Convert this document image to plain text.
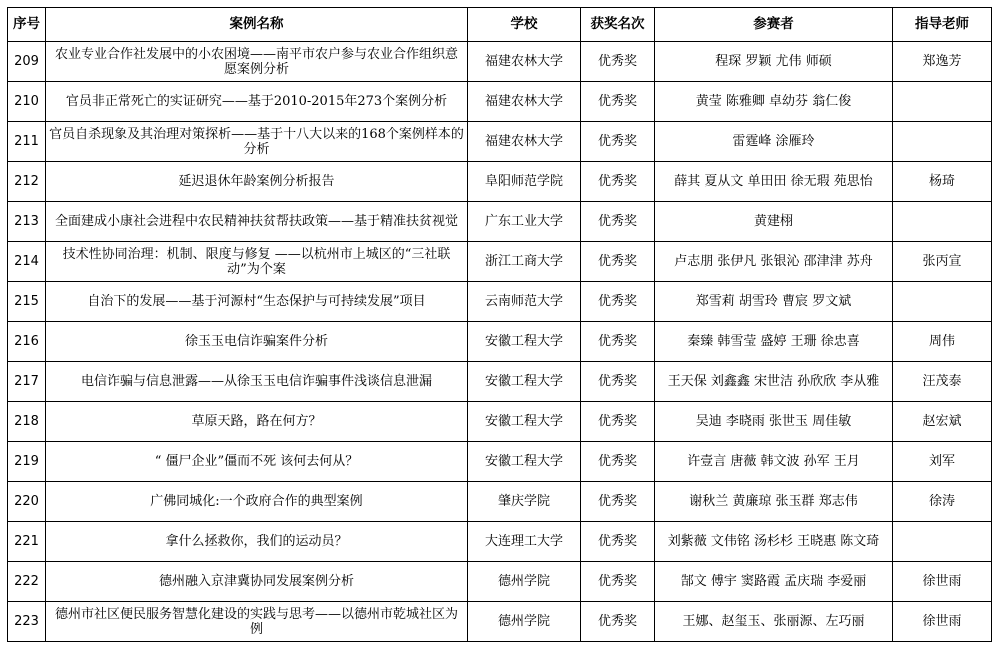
序号	案例名称	学校	获奖名次	参赛者	指导老师
209	农业专业合作社发展中的小农困境——南平市农户参与农业合作组织意愿案例分析	福建农林大学	优秀奖	程琛 罗颖 尤伟 师硕	郑逸芳
210	官员非正常死亡的实证研究——基于2010-2015年273个案例分析	福建农林大学	优秀奖	黄莹 陈雅卿 卓幼芬 翁仁俊	
211	官员自杀现象及其治理对策探析——基于十八大以来的168个案例样本的分析	福建农林大学	优秀奖	雷霆峰 涂雁玲	
212	延迟退休年龄案例分析报告	阜阳师范学院	优秀奖	薛其 夏从文 单田田 徐无瑕 苑思怡	杨琦
213	全面建成小康社会进程中农民精神扶贫帮扶政策——基于精准扶贫视觉	广东工业大学	优秀奖	黄建栩	
214	技术性协同治理：机制、限度与修复 ——以杭州市上城区的“三社联动”为个案	浙江工商大学	优秀奖	卢志朋 张伊凡 张银沁 邵津津 苏舟	张丙宣
215	自治下的发展——基于河源村“生态保护与可持续发展”项目	云南师范大学	优秀奖	郑雪莉 胡雪玲 曹宸 罗文斌	
216	徐玉玉电信诈骗案件分析	安徽工程大学	优秀奖	秦臻 韩雪莹 盛婷 王珊 徐忠喜	周伟
217	电信诈骗与信息泄露——从徐玉玉电信诈骗事件浅谈信息泄漏	安徽工程大学	优秀奖	王天保 刘鑫鑫 宋世洁 孙欣欣 李从雅	汪茂泰
218	草原天路，路在何方？	安徽工程大学	优秀奖	吴迪 李晓雨 张世玉 周佳敏	赵宏斌
219	“ 僵尸企业”僵而不死 该何去何从？	安徽工程大学	优秀奖	许壹言 唐薇 韩文波 孙军 王月	刘军
220	广佛同城化:一个政府合作的典型案例	肇庆学院	优秀奖	谢秋兰 黄廉琼 张玉群 郑志伟	徐涛
221	拿什么拯救你，我们的运动员？	大连理工大学	优秀奖	刘紫薇 文伟铭 汤杉杉 王晓惠 陈文琦	
222	德州融入京津冀协同发展案例分析	德州学院	优秀奖	郜文 傅宇 窦路霞 孟庆瑞 李爱丽	徐世雨
223	德州市社区便民服务智慧化建设的实践与思考——以德州市乾城社区为例	德州学院	优秀奖	王娜、赵玺玉、张丽源、左巧丽	徐世雨
